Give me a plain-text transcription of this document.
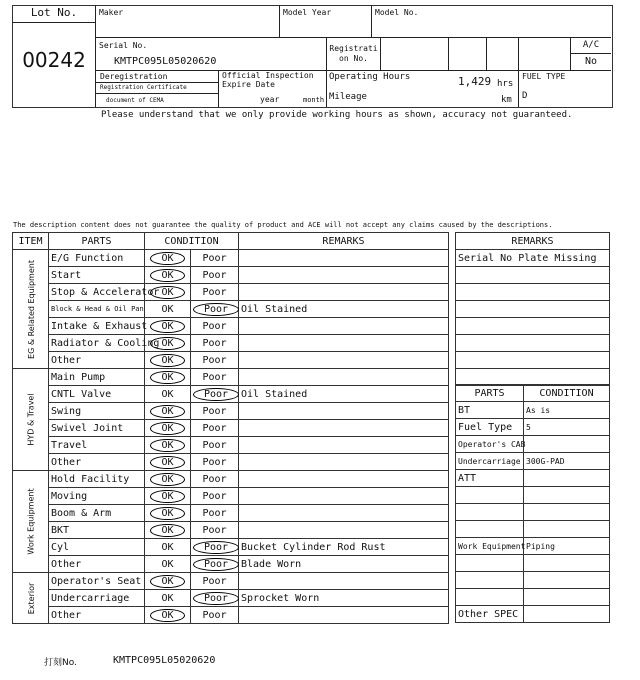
Lot No.
00242
Maker	Model Year	Model No.
Serial No.
KMTPC095L05020620
Registrati on No.
A/C
No
Deregistration
Registration Certificate
document of CEMA
Official Inspection Expire Date
year	month
Operating Hours	1,429 hrs
Mileage	km
FUEL TYPE
D
Please understand that we only provide working hours as shown, accuracy not guaranteed.
The description content does not guarantee the quality of product and ACE will not accept any claims caused by the descriptions.
ITEM	PARTS	CONDITION		REMARKS

EG & Related Equipment	E/G Function	OK	Poor	
	Start	OK	Poor	
	Stop & Accelerator	OK	Poor	
	Block & Head & Oil Pan	OK	Poor	Oil Stained
	Intake & Exhaust	OK	Poor	
	Radiator & Cooling	OK	Poor	
	Other	OK	Poor	

HYD & Travel	Main Pump	OK	Poor	
	CNTL Valve	OK	Poor	Oil Stained
	Swing	OK	Poor	
	Swivel Joint	OK	Poor	
	Travel	OK	Poor	
	Other	OK	Poor	

Work Equipment	Hold Facility	OK	Poor	
	Moving	OK	Poor	
	Boom & Arm	OK	Poor	
	BKT	OK	Poor	
	Cyl	OK	Poor	Bucket Cylinder Rod Rust
	Other	OK	Poor	Blade Worn

Exterior	Operator's Seat	OK	Poor	
	Undercarriage	OK	Poor	Sprocket Worn
	Other	OK	Poor	
REMARKS
Serial No Plate Missing

PARTS	CONDITION
BT	As is
Fuel Type	5
Operator's CAB	
Undercarriage	300G-PAD
ATT	

Work Equipment	Piping

Other SPEC	
打刻No.	KMTPC095L05020620
